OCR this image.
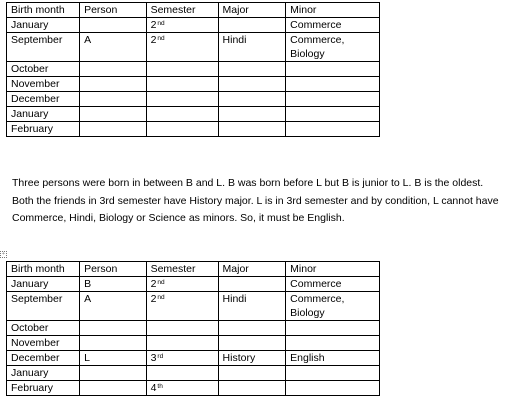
Birth month	Person	Semester	Major	Minor
January		2nd		Commerce

September	A	2nd	Hindi	Commerce,
Biology

October				

November				

December				

January				

February				
Three persons were born in between B and L. B was born before L but B is junior to L. B is the oldest.
Both the friends in 3rd semester have History major. L is in 3rd semester and by condition, L cannot have
Commerce, Hindi, Biology or Science as minors. So, it must be English.
+
Birth month	Person	Semester	Major	Minor
January	B	2nd		Commerce

September	A	2nd	Hindi	Commerce,
Biology

October				

November				

December	L	3rd	History	English

January				

February		4th		
